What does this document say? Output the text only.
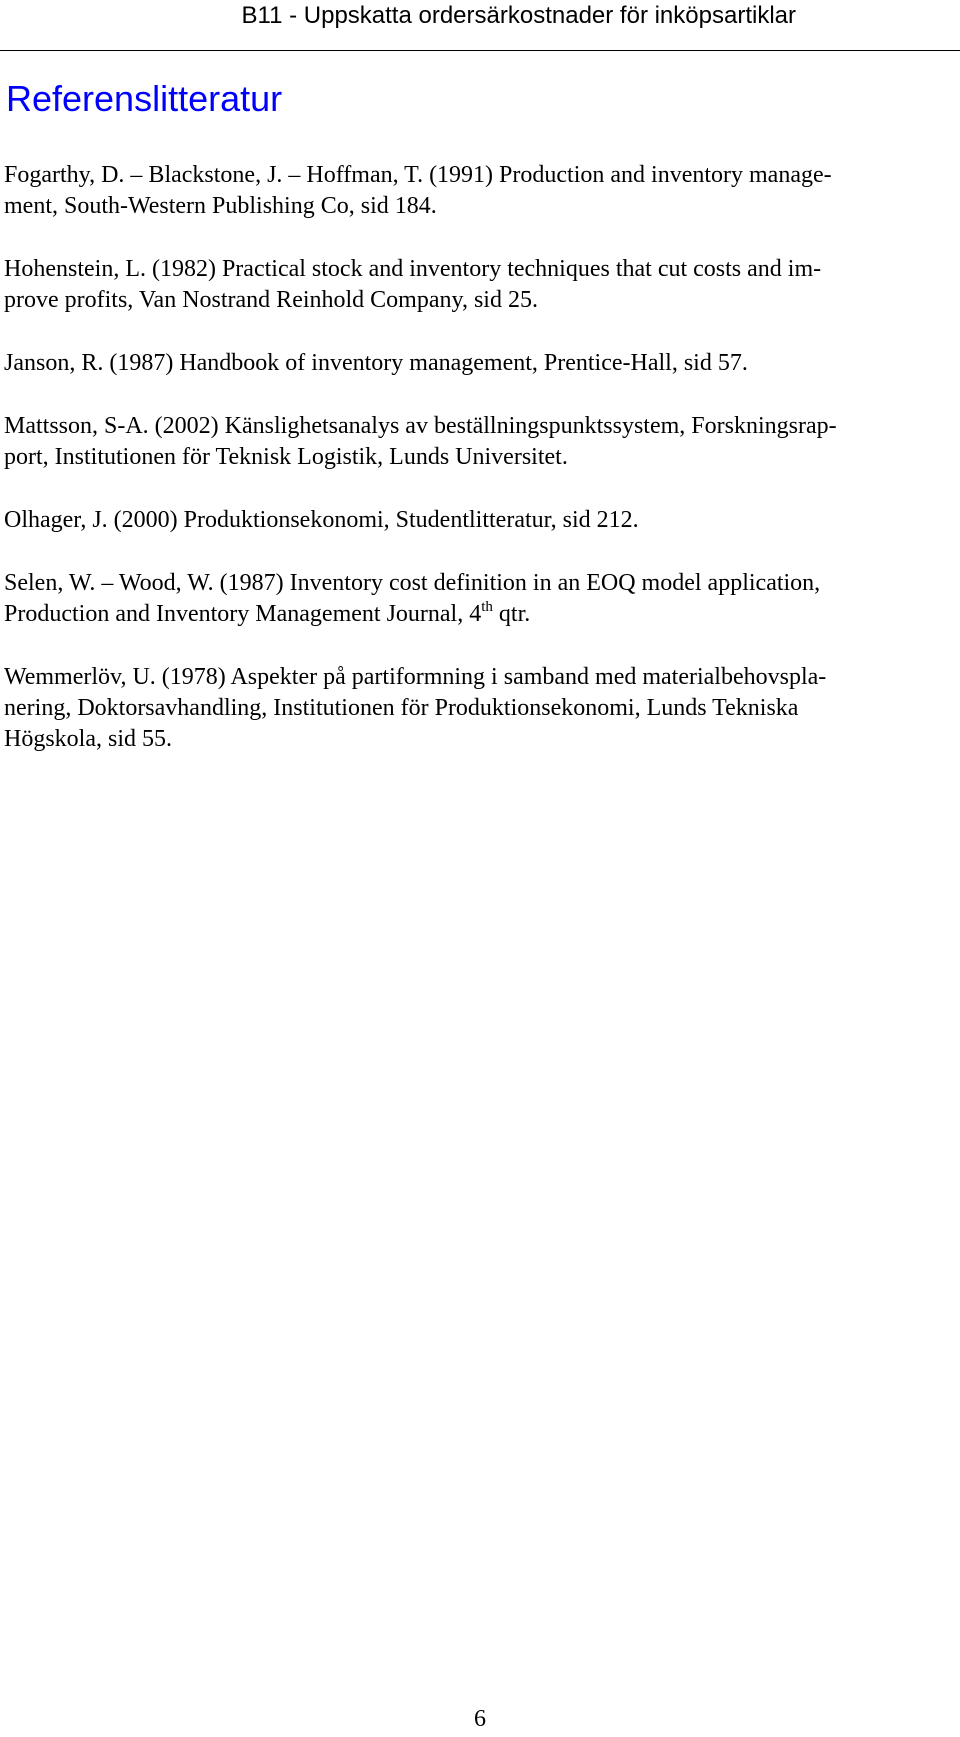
B11 - Uppskatta ordersärkostnader för inköpsartiklar
Referenslitteratur

Fogarthy, D. – Blackstone, J. – Hoffman, T. (1991) Production and inventory manage-
ment, South-Western Publishing Co, sid 184.

Hohenstein, L. (1982) Practical stock and inventory techniques that cut costs and im-
prove profits, Van Nostrand Reinhold Company, sid 25.

Janson, R. (1987) Handbook of inventory management, Prentice-Hall, sid 57.

Mattsson, S-A. (2002) Känslighetsanalys av beställningspunktssystem, Forskningsrap-
port, Institutionen för Teknisk Logistik, Lunds Universitet.

Olhager, J. (2000) Produktionsekonomi, Studentlitteratur, sid 212.

Selen, W. – Wood, W. (1987) Inventory cost definition in an EOQ model application,
Production and Inventory Management Journal, 4th qtr.

Wemmerlöv, U. (1978) Aspekter på partiformning i samband med materialbehovspla-
nering, Doktorsavhandling, Institutionen för Produktionsekonomi, Lunds Tekniska
Högskola, sid 55.

6
